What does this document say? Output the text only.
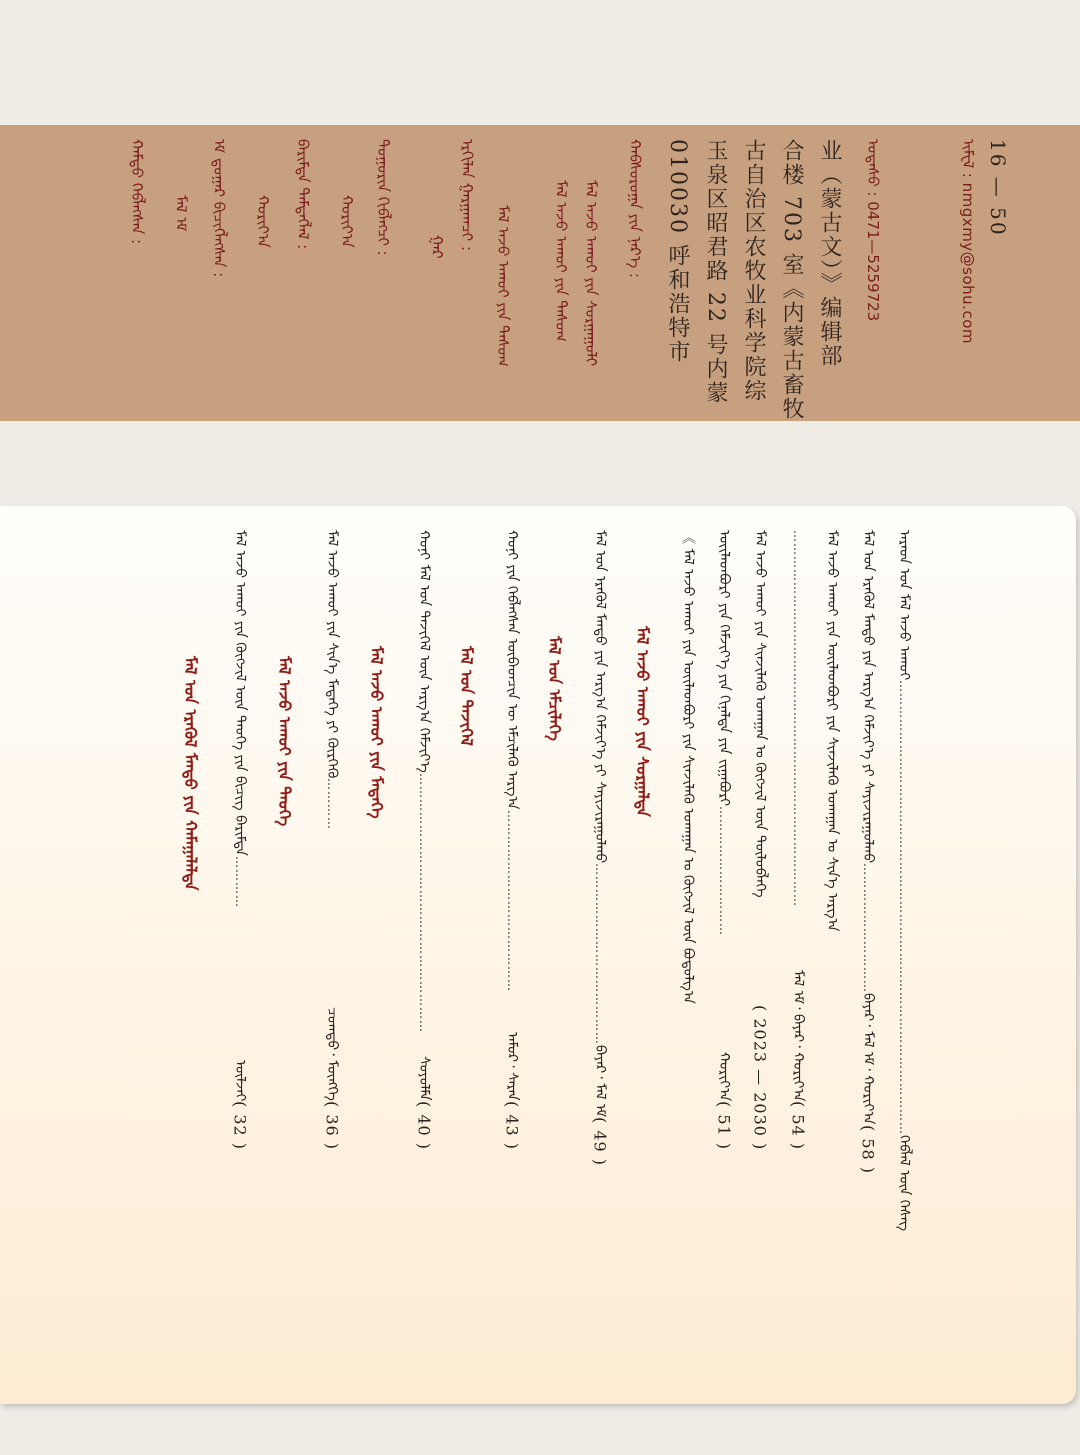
ᠢᠮᠸᠯ : nmgxmy@sohu.com 16 — 50
ᠤᠲᠠᠰᠤ : 0471—5259723
业（蒙古文）》编辑部
合楼 703 室《内蒙古畜牧
古自治区农牧业科学院综
玉泉区昭君路 22 号内蒙
010030 呼和浩特市
ᠬᠠᠪᠰᠤᠷᠤᠭᠠ ᠶᠢᠨ ᠨᠡᠷ᠎ᠡ :
ᠮᠠᠯ ᠠᠵᠤ ᠠᠬᠤᠢ ᠶᠢᠨ ᠰᠤᠷᠭᠠᠭᠤᠯᠢ
ᠮᠠᠯ ᠠᠵᠤ ᠠᠬᠤᠢ ᠶᠢᠨ ᠲᠠᠰᠤᠭ
ᠮᠠᠯ ᠠᠵᠤ ᠠᠬᠤᠢ ᠶᠢᠨ ᠲᠠᠰᠤᠭ
ᠡᠷᠬᠢᠯᠡᠨ ᠭᠠᠷᠭᠠᠭᠴᠢ :
ᠭᠠᠷ
ᠲᠣᠭᠣᠷᠢᠨ ᠬᠢᠪᠯᠡᠭᠴᠢ :
ᠬᠣᠷᠢᠶ᠎ᠠ
ᠪᠠᠷᠢᠮᠲᠠ ᠲᠡᠮᠳᠡᠭᠯᠡᠯ :
ᠬᠣᠷᠢᠶ᠎ᠠ
ᠡᠮ ᠳ᠋ᠤᠭᠠᠷ ᠪᠢᠴᠢᠭᠯᠡᠭᠰᠡᠨ :
ᠮᠠᠯ ᠡᠮ
ᠬᠠᠮᠲᠤ ᠬᠡᠪᠯᠡᠭᠰᠡᠨ :
ᠠᠷᠠᠳ ᠤᠨ ᠮᠠᠯ ᠠᠵᠤ ᠠᠬᠤᠢ
……………………………………………………………………………………………
ᠬᠡᠪᠯᠡᠯ ᠦᠨ ᠬᠡᠰᠡᠭ
ᠮᠠᠯ ᠤᠨ ᠡᠷᠡᠭᠦᠯ ᠮᠡᠨᠳᠦ ᠶᠢᠨ ᠠᠷᠭ᠎ᠠ ᠬᠡᠮᠵᠢᠶ᠎ᠡ ᠶᠢ ᠰᠠᠶᠢᠵᠢᠷᠠᠭᠤᠯᠬᠤ
…………………………
ᠪᠠᠶᠠᠷ᠂ ᠮᠠᠯ ᠡᠮ᠂ ᠬᠣᠷᠢᠶ᠎ᠠ
( 58 )
ᠮᠠᠯ ᠠᠵᠤ ᠠᠬᠤᠢ ᠶᠢᠨ ᠦᠢᠯᠡᠳᠪᠦᠷᠢ ᠶᠢᠨ ᠰᠢᠨᠵᠢᠯᠡᠬᠦ ᠤᠬᠠᠭᠠᠨ ᠤ ᠰᠢᠨ᠎ᠡ ᠠᠷᠭ᠎ᠠ
……………………………………………………………………………
ᠮᠠᠯ ᠡᠮ᠂ ᠪᠠᠶᠠᠷ᠂ ᠬᠣᠷᠢᠶ᠎ᠠ
( 54 )
ᠮᠠᠯ ᠠᠵᠤ ᠠᠬᠤᠢ ᠶᠢᠨ ᠰᠢᠨᠵᠢᠯᠡᠬᠦ ᠤᠬᠠᠭᠠᠨ ᠤ ᠬᠦᠭᠵᠢᠯ ᠦᠨ ᠲᠥᠯᠦᠪᠯᠡᠭᠡ
( 2023 — 2030 )
ᠦᠢᠯᠡᠳᠪᠦᠷᠢ ᠶᠢᠨ ᠬᠡᠮᠵᠢᠶ᠎ᠡ ᠶᠢᠨ ᠬᠢᠨᠠᠯᠲᠠ ᠶᠢᠨ ᠵᠢᠭᠠᠪᠤᠷᠢ
…………………………
ᠬᠣᠷᠢᠶ᠎ᠠ
( 51 )
《 ᠮᠠᠯ ᠠᠵᠤ ᠠᠬᠤᠢ ᠶᠢᠨ ᠦᠢᠯᠡᠳᠪᠦᠷᠢ ᠶᠢᠨ ᠰᠢᠨᠵᠢᠯᠡᠬᠦ ᠤᠬᠠᠭᠠᠨ ᠤ ᠬᠦᠭᠵᠢᠯ ᠦᠨ ᠪᠤᠳᠤᠯᠭ᠎ᠠ
ᠮᠠᠯ ᠠᠵᠤ ᠠᠬᠤᠢ ᠶᠢᠨ ᠰᠤᠷᠭᠠᠯᠲᠠ
ᠮᠠᠯ ᠤᠨ ᠡᠷᠡᠭᠦᠯ ᠮᠡᠨᠳᠦ ᠶᠢᠨ ᠠᠷᠭ᠎ᠠ ᠬᠡᠮᠵᠢᠶ᠎ᠡ ᠶᠢ ᠰᠠᠶᠢᠵᠢᠷᠠᠭᠤᠯᠬᠤ
……………………………………
ᠪᠠᠶᠠᠷ᠂ ᠮᠠᠯ ᠡᠮ
( 49 )
ᠮᠠᠯ ᠤᠨ ᠡᠮᠴᠢᠯᠡᠭᠡ
ᠬᠣᠨᠢ ᠶᠢᠨ ᠬᠡᠪᠯᠡᠭᠰᠡᠨ ᠦᠪᠡᠳᠴᠢᠨ ᠦ ᠡᠮᠴᠢᠯᠡᠬᠦ ᠠᠷᠭ᠎ᠠ
……………………………………
ᠠᠮᠤᠷ᠂ ᠰᠠᠷᠠᠨ
( 43 )
ᠮᠠᠯ ᠤᠨ ᠲᠡᠵᠢᠭᠡᠯ
ᠬᠣᠨᠢ ᠮᠠᠯ ᠤᠨ ᠲᠡᠵᠢᠭᠡᠯ ᠦᠨ ᠠᠷᠭ᠎ᠠ ᠬᠡᠮᠵᠢᠶ᠎ᠡ
……………………………………………………
ᠰᠣᠶᠣᠯᠮᠠ
( 40 )
ᠮᠠᠯ ᠠᠵᠤ ᠠᠬᠤᠢ ᠶᠢᠨ ᠮᠡᠳᠡᠭᠡ
ᠮᠠᠯ ᠠᠵᠤ ᠠᠬᠤᠢ ᠶᠢᠨ ᠰᠢᠨ᠎ᠡ ᠮᠡᠳᠡᠭᠡ ᠶᠢ ᠬᠦᠷᠭᠡᠬᠦ
…………
ᠴᠣᠭᠲᠤ᠂ ᠮᠥᠩᠬᠡ
( 36 )
ᠮᠠᠯ ᠠᠵᠤ ᠠᠬᠤᠢ ᠶᠢᠨ ᠲᠡᠦᠬᠡ
ᠮᠠᠯ ᠠᠵᠤ ᠠᠬᠤᠢ ᠶᠢᠨ ᠬᠥᠭᠵᠢᠯ ᠦᠨ ᠲᠡᠦᠬᠡ ᠶᠢᠨ ᠪᠢᠴᠢᠭ ᠪᠠᠷᠢᠮᠲᠠ
…………
ᠦᠯᠵᠡᠢ
( 32 )
ᠮᠠᠯ ᠤᠨ ᠡᠷᠡᠭᠦᠯ ᠮᠡᠨᠳᠦ ᠶᠢᠨ ᠬᠠᠮᠠᠭᠠᠯᠠᠯᠲᠠ
